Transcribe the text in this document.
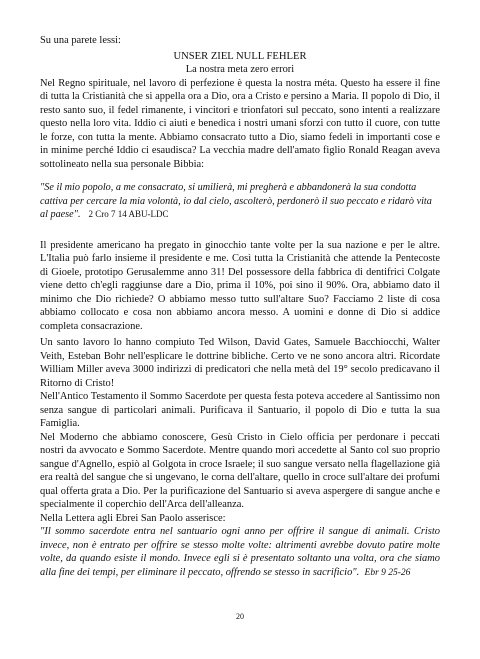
Su una parete lessi:

UNSER ZIEL NULL FEHLER

La nostra meta zero errori

Nel Regno spirituale, nel lavoro di perfezione è questa la nostra méta. Questo ha essere il fine di tutta la Cristianità che si appella ora a Dio, ora a Cristo e persino a Maria. Il popolo di Dio, il resto santo suo, il fedel rimanente, i vincitori e trionfatori sul peccato, sono intenti a realizzare questo nella loro vita. Iddio ci aiuti e benedica i nostri umani sforzi con tutto il cuore, con tutte le forze, con tutta la mente. Abbiamo consacrato tutto a Dio, siamo fedeli in importanti cose e in minime perché Iddio ci esaudisca? La vecchia madre dell'amato figlio Ronald Reagan aveva sottolineato nella sua personale Bibbia:

"Se il mio popolo, a me consacrato, si umilierà, mi pregherà e abbandonerà la sua condotta cattiva per cercare la mia volontà, io dal cielo, ascolterò, perdonerò il suo peccato e ridarò vita al paese". 2 Cro 7 14 ABU-LDC

Il presidente americano ha pregato in ginocchio tante volte per la sua nazione e per le altre. L'Italia può farlo insieme il presidente e me. Così tutta la Cristianità che attende la Pentecoste di Gioele, prototipo Gerusalemme anno 31! Del possessore della fabbrica di dentifrici Colgate viene detto ch'egli raggiunse dare a Dio, prima il 10%, poi sino il 90%. Ora, abbiamo dato il minimo che Dio richiede? O abbiamo messo tutto sull'altare Suo? Facciamo 2 liste di cosa abbiamo collocato e cosa non abbiamo ancora messo. A uomini e donne di Dio si addice completa consacrazione.

Un santo lavoro lo hanno compiuto Ted Wilson, David Gates, Samuele Bacchiocchi, Walter Veith, Esteban Bohr nell'esplicare le dottrine bibliche. Certo ve ne sono ancora altri. Ricordate William Miller aveva 3000 indirizzi di predicatori che nella metà del 19° secolo predicavano il Ritorno di Cristo!

Nell'Antico Testamento il Sommo Sacerdote per questa festa poteva accedere al Santissimo non senza sangue di particolari animali. Purificava il Santuario, il popolo di Dio e tutta la sua Famiglia.

Nel Moderno che abbiamo conoscere, Gesù Cristo in Cielo officia per perdonare i peccati nostri da avvocato e Sommo Sacerdote. Mentre quando morì accedette al Santo col suo proprio sangue d'Agnello, espiò al Golgota in croce Israele; il suo sangue versato nella flagellazione già era realtà del sangue che si ungevano, le corna dell'altare, quello in croce sull'altare dei profumi qual offerta grata a Dio. Per la purificazione del Santuario si aveva aspergere di sangue anche e specialmente il coperchio dell'Arca dell'alleanza.

Nella Lettera agli Ebrei San Paolo asserisce:

"Il sommo sacerdote entra nel santuario ogni anno per offrire il sangue di animali. Cristo invece, non è entrato per offrire se stesso molte volte: altrimenti avrebbe dovuto patire molte volte, da quando esiste il mondo. Invece egli si è presentato soltanto una volta, ora che siamo alla fine dei tempi, per eliminare il peccato, offrendo se stesso in sacrificio". Ebr 9 25-26

20
